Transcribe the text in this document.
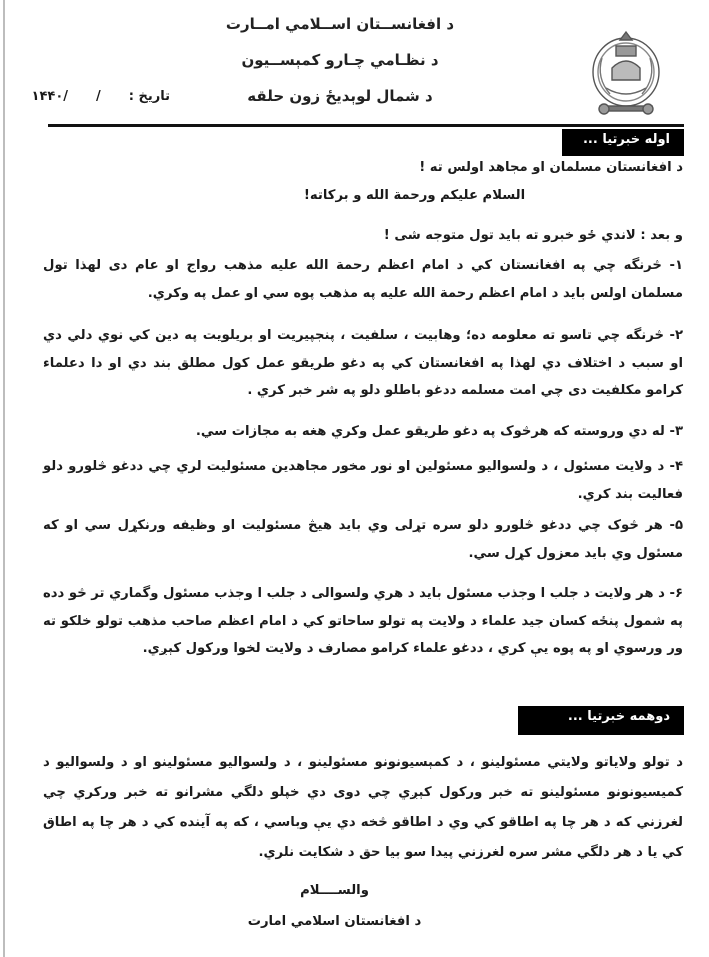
د افغانســتان اســلامي امــارت
د نظـامي چـارو کمېســيون
د شمال لوېديځ زون حلقه
تاریخ :
/
/۱۴۴۰
اوله خبرتیا ...
د افغانستان مسلمان او مجاهد اولس ته !
السلام علیکم ورحمة الله و برکاته!
و بعد : لاندي ځو خبرو ته باید تول متوجه شی !
۱- څرنگه چي په افغانستان کي د امام اعظم رحمة الله علیه مذهب رواج او عام دی لهذا تول مسلمان اولس باید د امام اعظم رحمة الله علیه په مذهب پوه سي او عمل په وکري.
۲- څرنگه چي تاسو ته معلومه ده؛ وهابیت ، سلفیت ، پنجپیریت او بریلویت په دین کي نوي دلي دي او سبب د اختلاف دي لهذا په افغانستان کي په دغو طریقو عمل کول مطلق بند دي او دا دعلماء کرامو مکلفیت دی چي امت مسلمه ددغو باطلو دلو په شر خبر کري .
۳- له دي وروسته که هرڅوک په دغو طریقو عمل وکري هغه به مجازات سي.
۴- د ولایت مسئول ، د ولسوالیو مسئولین او نور مخور مجاهدین مسئولیت لري چي ددغو څلورو دلو فعالیت بند کري.
۵- هر څوک چي ددغو څلورو دلو سره تړلی وي باید هیڅ مسئولیت او وظیفه ورنکړل سي او که مسئول وي باید معزول کړل سي.
۶- د هر ولایت د جلب ا وجذب مسئول باید د هري ولسوالی د جلب ا وجذب مسئول وگماري تر څو دده په شمول پنځه کسان جید علماء د ولایت په تولو ساحاتو کي د امام اعظم صاحب مذهب تولو خلکو ته ور ورسوي او په پوه یې کري ، ددغو علماء کرامو مصارف د ولایت لخوا ورکول کېږي.
دوهمه خبرتیا ...
د تولو ولایاتو ولایتي مسئولینو ، د کمېسیونونو مسئولینو ، د ولسوالیو مسئولینو او د ولسوالیو د کمیسیونونو مسئولینو ته خبر ورکول کېږي چي دوی دي خپلو دلگي مشرانو ته خبر ورکري چي لغرزني که د هر چا په اطاقو کي وي د اطاقو څخه دي یې وباسي ، که په آینده کي د هر چا په اطاق کي یا د هر دلگي مشر سره لغرزني پیدا سو بیا حق د شکایت نلري.
والســــلام
د افغانستان اسلامي امارت
